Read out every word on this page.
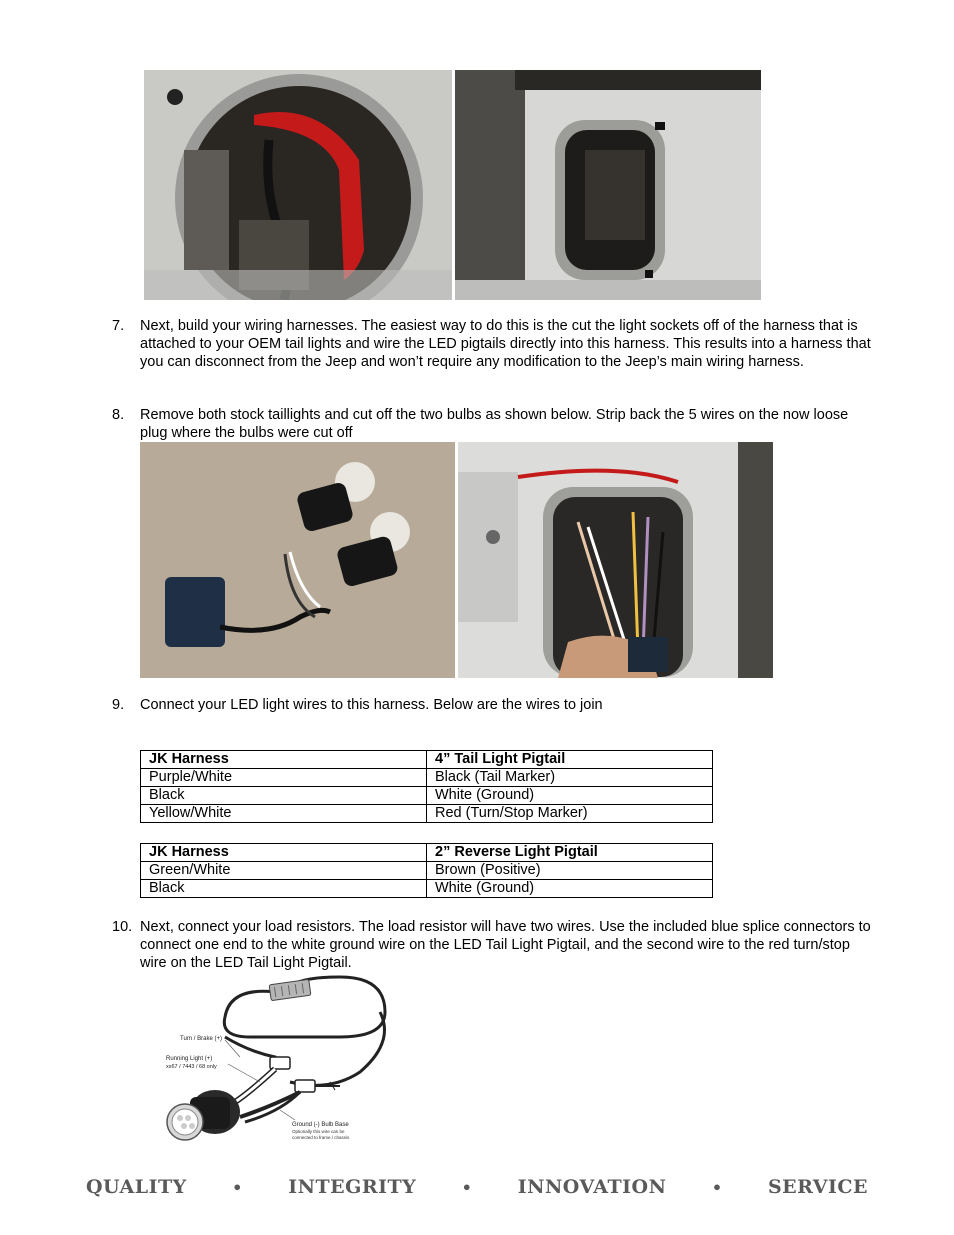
7. Next, build your wiring harnesses. The easiest way to do this is the cut the light sockets off of the harness that is attached to your OEM tail lights and wire the LED pigtails directly into this harness. This results into a harness that you can disconnect from the Jeep and won’t require any modification to the Jeep’s main wiring harness.
8. Remove both stock taillights and cut off the two bulbs as shown below. Strip back the 5 wires on the now loose plug where the bulbs were cut off
9. Connect your LED light wires to this harness. Below are the wires to join
JK Harness	4” Tail Light Pigtail
Purple/White	Black (Tail Marker)
Black	White (Ground)
Yellow/White	Red (Turn/Stop Marker)
JK Harness	2” Reverse Light Pigtail
Green/White	Brown (Positive)
Black	White (Ground)
10. Next, connect your load resistors. The load resistor will have two wires. Use the included blue splice connectors to connect one end to the white ground wire on the LED Tail Light Pigtail, and the second wire to the red turn/stop wire on the LED Tail Light Pigtail.
Turn / Brake (+)
Running Light (+)
xx67 / 7443 / 68 only
Ground (-) Bulb Base
Optionally this wire can be
connected to frame / chassis
QUALITY	• INTEGRITY	• INNOVATION	• SERVICE
